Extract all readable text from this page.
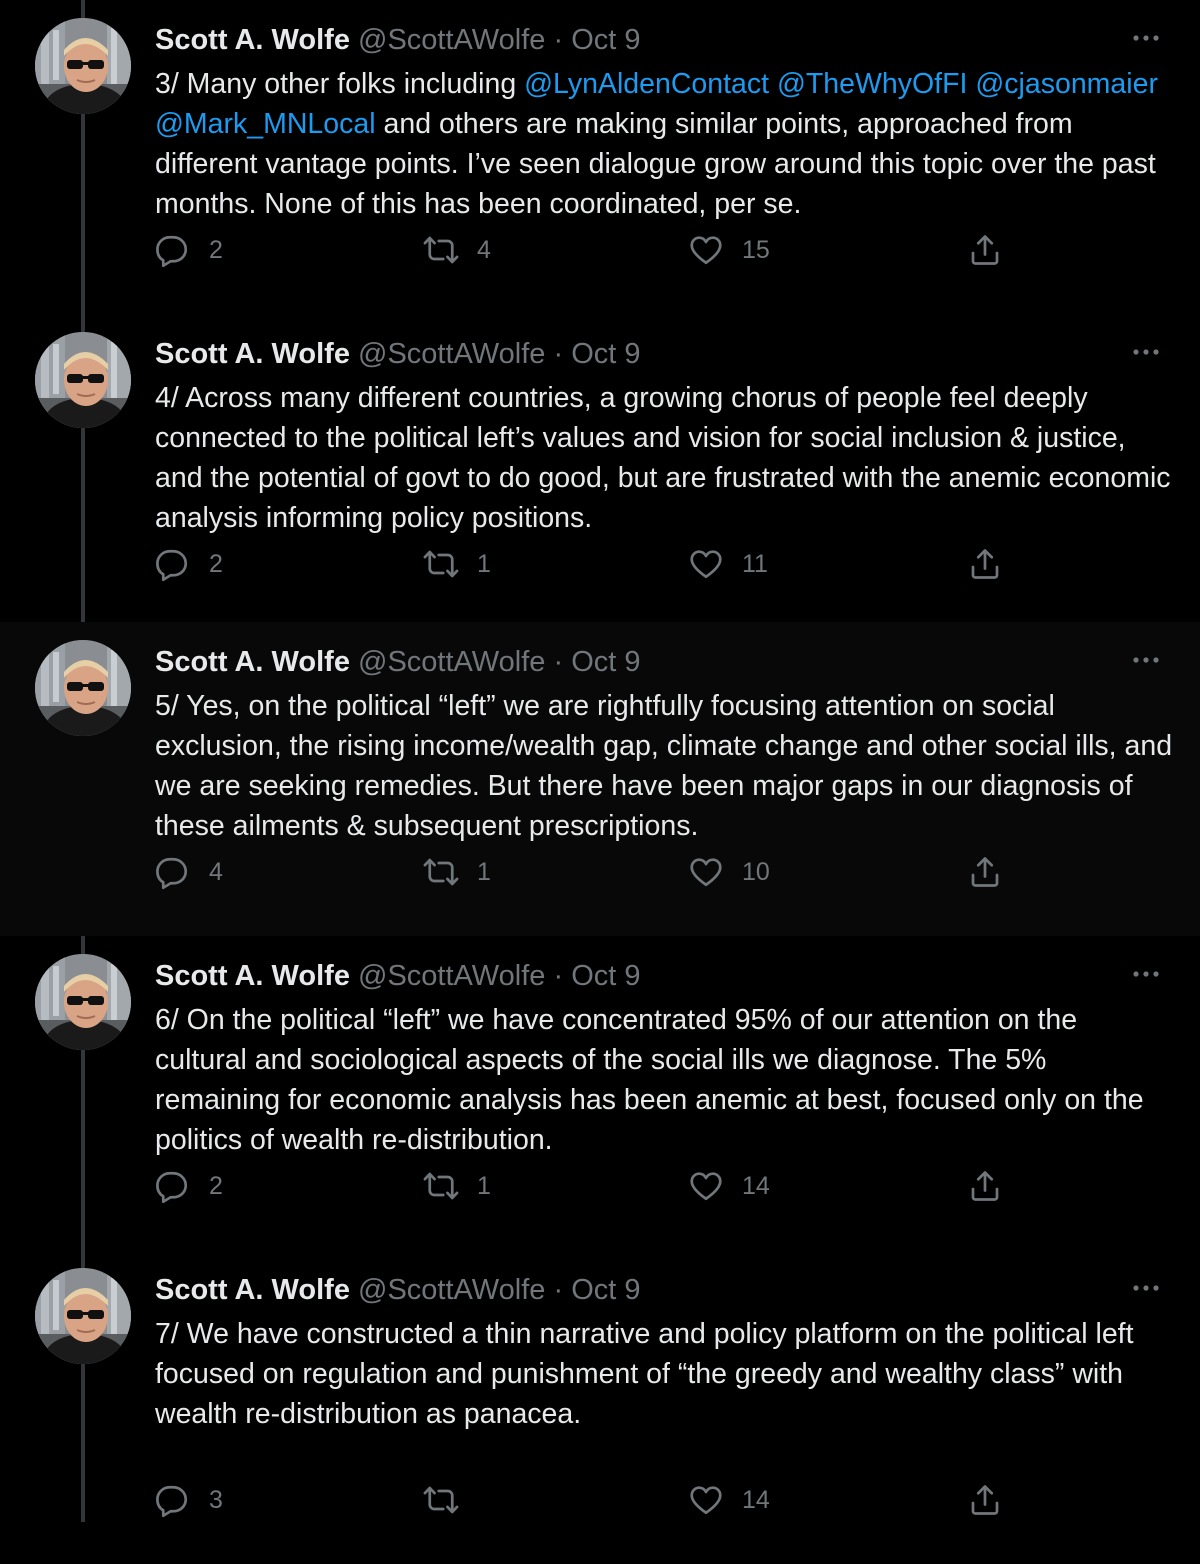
Scott A. Wolfe @ScottAWolfe · Oct 9
3/ Many other folks including @LynAldenContact @TheWhyOfFI @cjasonmaier @Mark_MNLocal and others are making similar points, approached from different vantage points. I’ve seen dialogue grow around this topic over the past months. None of this has been coordinated, per se.
2	4	15
Scott A. Wolfe @ScottAWolfe · Oct 9
4/ Across many different countries, a growing chorus of people feel deeply connected to the political left’s values and vision for social inclusion & justice, and the potential of govt to do good, but are frustrated with the anemic economic analysis informing policy positions.
2	1	11
Scott A. Wolfe @ScottAWolfe · Oct 9
5/ Yes, on the political “left” we are rightfully focusing attention on social exclusion, the rising income/wealth gap, climate change and other social ills, and we are seeking remedies. But there have been major gaps in our diagnosis of these ailments & subsequent prescriptions.
4	1	10
Scott A. Wolfe @ScottAWolfe · Oct 9
6/ On the political “left” we have concentrated 95% of our attention on the cultural and sociological aspects of the social ills we diagnose. The 5% remaining for economic analysis has been anemic at best, focused only on the politics of wealth re-distribution.
2	1	14
Scott A. Wolfe @ScottAWolfe · Oct 9
7/ We have constructed a thin narrative and policy platform on the political left focused on regulation and punishment of “the greedy and wealthy class” with wealth re-distribution as panacea.
3	14
